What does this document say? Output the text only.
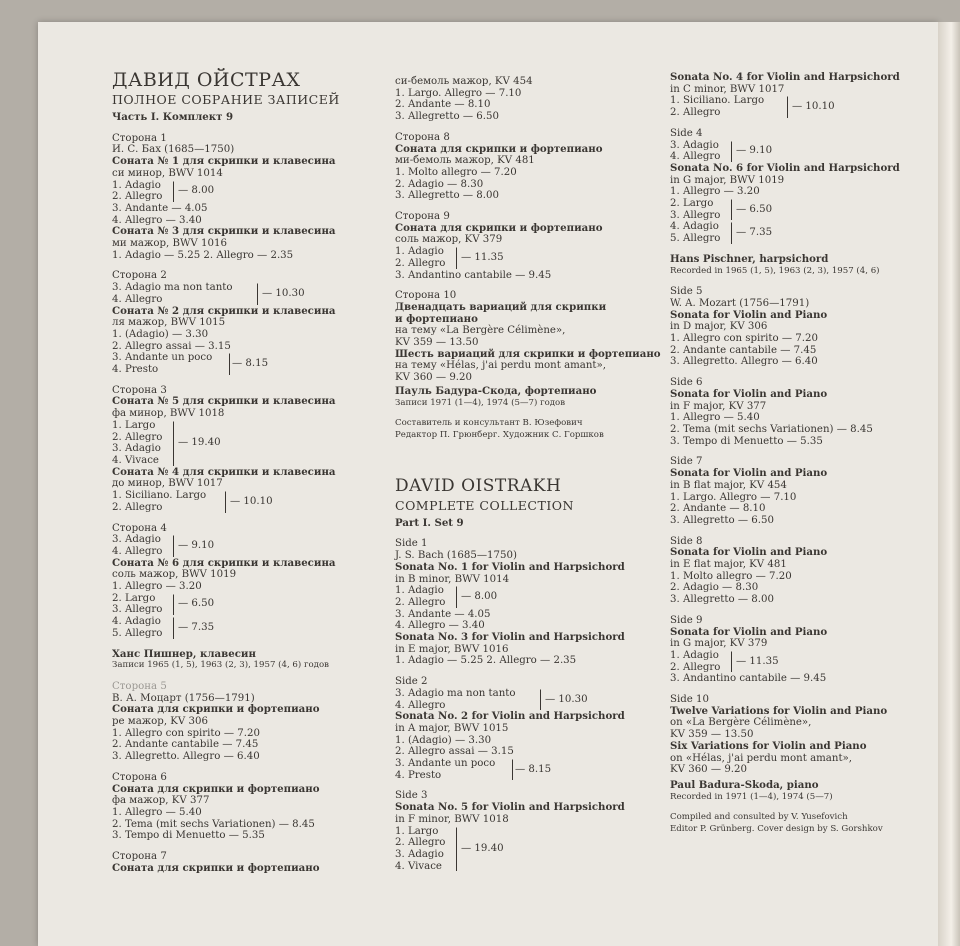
ДАВИД ОЙСТРАХ
ПОЛНОЕ СОБРАНИЕ ЗАПИСЕЙ
Часть I. Комплект 9
Сторона 1
И. С. Бах (1685—1750)
Соната № 1 для скрипки и клавесина
си минор, BWV 1014
1. Adagio
2. Allegro
— 8.00
3. Andante — 4.05
4. Allegro — 3.40
Соната № 3 для скрипки и клавесина
ми мажор, BWV 1016
1. Adagio — 5.25 2. Allegro — 2.35
Сторона 2
3. Adagio ma non tanto
4. Allegro
— 10.30
Соната № 2 для скрипки и клавесина
ля мажор, BWV 1015
1. (Adagio) — 3.30
2. Allegro assai — 3.15
3. Andante un poco
4. Presto
— 8.15
Сторона 3
Соната № 5 для скрипки и клавесина
фа минор, BWV 1018
1. Largo
2. Allegro
3. Adagio
4. Vivace
— 19.40
Соната № 4 для скрипки и клавесина
до минор, BWV 1017
1. Siciliano. Largo
2. Allegro
— 10.10
Сторона 4
3. Adagio
4. Allegro
— 9.10
Соната № 6 для скрипки и клавесина
соль мажор, BWV 1019
1. Allegro — 3.20
2. Largo
3. Allegro
— 6.50
4. Adagio
5. Allegro
— 7.35
Ханс Пишнер, клавесин
Записи 1965 (1, 5), 1963 (2, 3), 1957 (4, 6) годов
Сторона 5
В. А. Моцарт (1756—1791)
Соната для скрипки и фортепиано
ре мажор, KV 306
1. Allegro con spirito — 7.20
2. Andante cantabile — 7.45
3. Allegretto. Allegro — 6.40
Сторона 6
Соната для скрипки и фортепиано
фа мажор, KV 377
1. Allegro — 5.40
2. Tema (mit sechs Variationen) — 8.45
3. Tempo di Menuetto — 5.35
Сторона 7
Соната для скрипки и фортепиано
си-бемоль мажор, KV 454
1. Largo. Allegro — 7.10
2. Andante — 8.10
3. Allegretto — 6.50
Сторона 8
Соната для скрипки и фортепиано
ми-бемоль мажор, KV 481
1. Molto allegro — 7.20
2. Adagio — 8.30
3. Allegretto — 8.00
Сторона 9
Соната для скрипки и фортепиано
соль мажор, KV 379
1. Adagio
2. Allegro
— 11.35
3. Andantino cantabile — 9.45
Сторона 10
Двенадцать вариаций для скрипки
и фортепиано
на тему «La Bergère Célimène»,
KV 359 — 13.50
Шесть вариаций для скрипки и фортепиано
на тему «Hélas, j'ai perdu mont amant»,
KV 360 — 9.20
Пауль Бадура-Скода, фортепиано
Записи 1971 (1—4), 1974 (5—7) годов
Составитель и консультант В. Юзефович
Редактор П. Грюнберг. Художник С. Горшков
DAVID OISTRAKH
COMPLETE COLLECTION
Part I. Set 9
Side 1
J. S. Bach (1685—1750)
Sonata No. 1 for Violin and Harpsichord
in B minor, BWV 1014
1. Adagio
2. Allegro
— 8.00
3. Andante — 4.05
4. Allegro — 3.40
Sonata No. 3 for Violin and Harpsichord
in E major, BWV 1016
1. Adagio — 5.25 2. Allegro — 2.35
Side 2
3. Adagio ma non tanto
4. Allegro
— 10.30
Sonata No. 2 for Violin and Harpsichord
in A major, BWV 1015
1. (Adagio) — 3.30
2. Allegro assai — 3.15
3. Andante un poco
4. Presto
— 8.15
Side 3
Sonata No. 5 for Violin and Harpsichord
in F minor, BWV 1018
1. Largo
2. Allegro
3. Adagio
4. Vivace
— 19.40
Sonata No. 4 for Violin and Harpsichord
in C minor, BWV 1017
1. Siciliano. Largo
2. Allegro
— 10.10
Side 4
3. Adagio
4. Allegro
— 9.10
Sonata No. 6 for Violin and Harpsichord
in G major, BWV 1019
1. Allegro — 3.20
2. Largo
3. Allegro
— 6.50
4. Adagio
5. Allegro
— 7.35
Hans Pischner, harpsichord
Recorded in 1965 (1, 5), 1963 (2, 3), 1957 (4, 6)
Side 5
W. A. Mozart (1756—1791)
Sonata for Violin and Piano
in D major, KV 306
1. Allegro con spirito — 7.20
2. Andante cantabile — 7.45
3. Allegretto. Allegro — 6.40
Side 6
Sonata for Violin and Piano
in F major, KV 377
1. Allegro — 5.40
2. Tema (mit sechs Variationen) — 8.45
3. Tempo di Menuetto — 5.35
Side 7
Sonata for Violin and Piano
in B flat major, KV 454
1. Largo. Allegro — 7.10
2. Andante — 8.10
3. Allegretto — 6.50
Side 8
Sonata for Violin and Piano
in E flat major, KV 481
1. Molto allegro — 7.20
2. Adagio — 8.30
3. Allegretto — 8.00
Side 9
Sonata for Violin and Piano
in G major, KV 379
1. Adagio
2. Allegro
— 11.35
3. Andantino cantabile — 9.45
Side 10
Twelve Variations for Violin and Piano
on «La Bergère Célimène»,
KV 359 — 13.50
Six Variations for Violin and Piano
on «Hélas, j'ai perdu mont amant»,
KV 360 — 9.20
Paul Badura-Skoda, piano
Recorded in 1971 (1—4), 1974 (5—7)
Compiled and consulted by V. Yusefovich
Editor P. Grünberg. Cover design by S. Gorshkov
